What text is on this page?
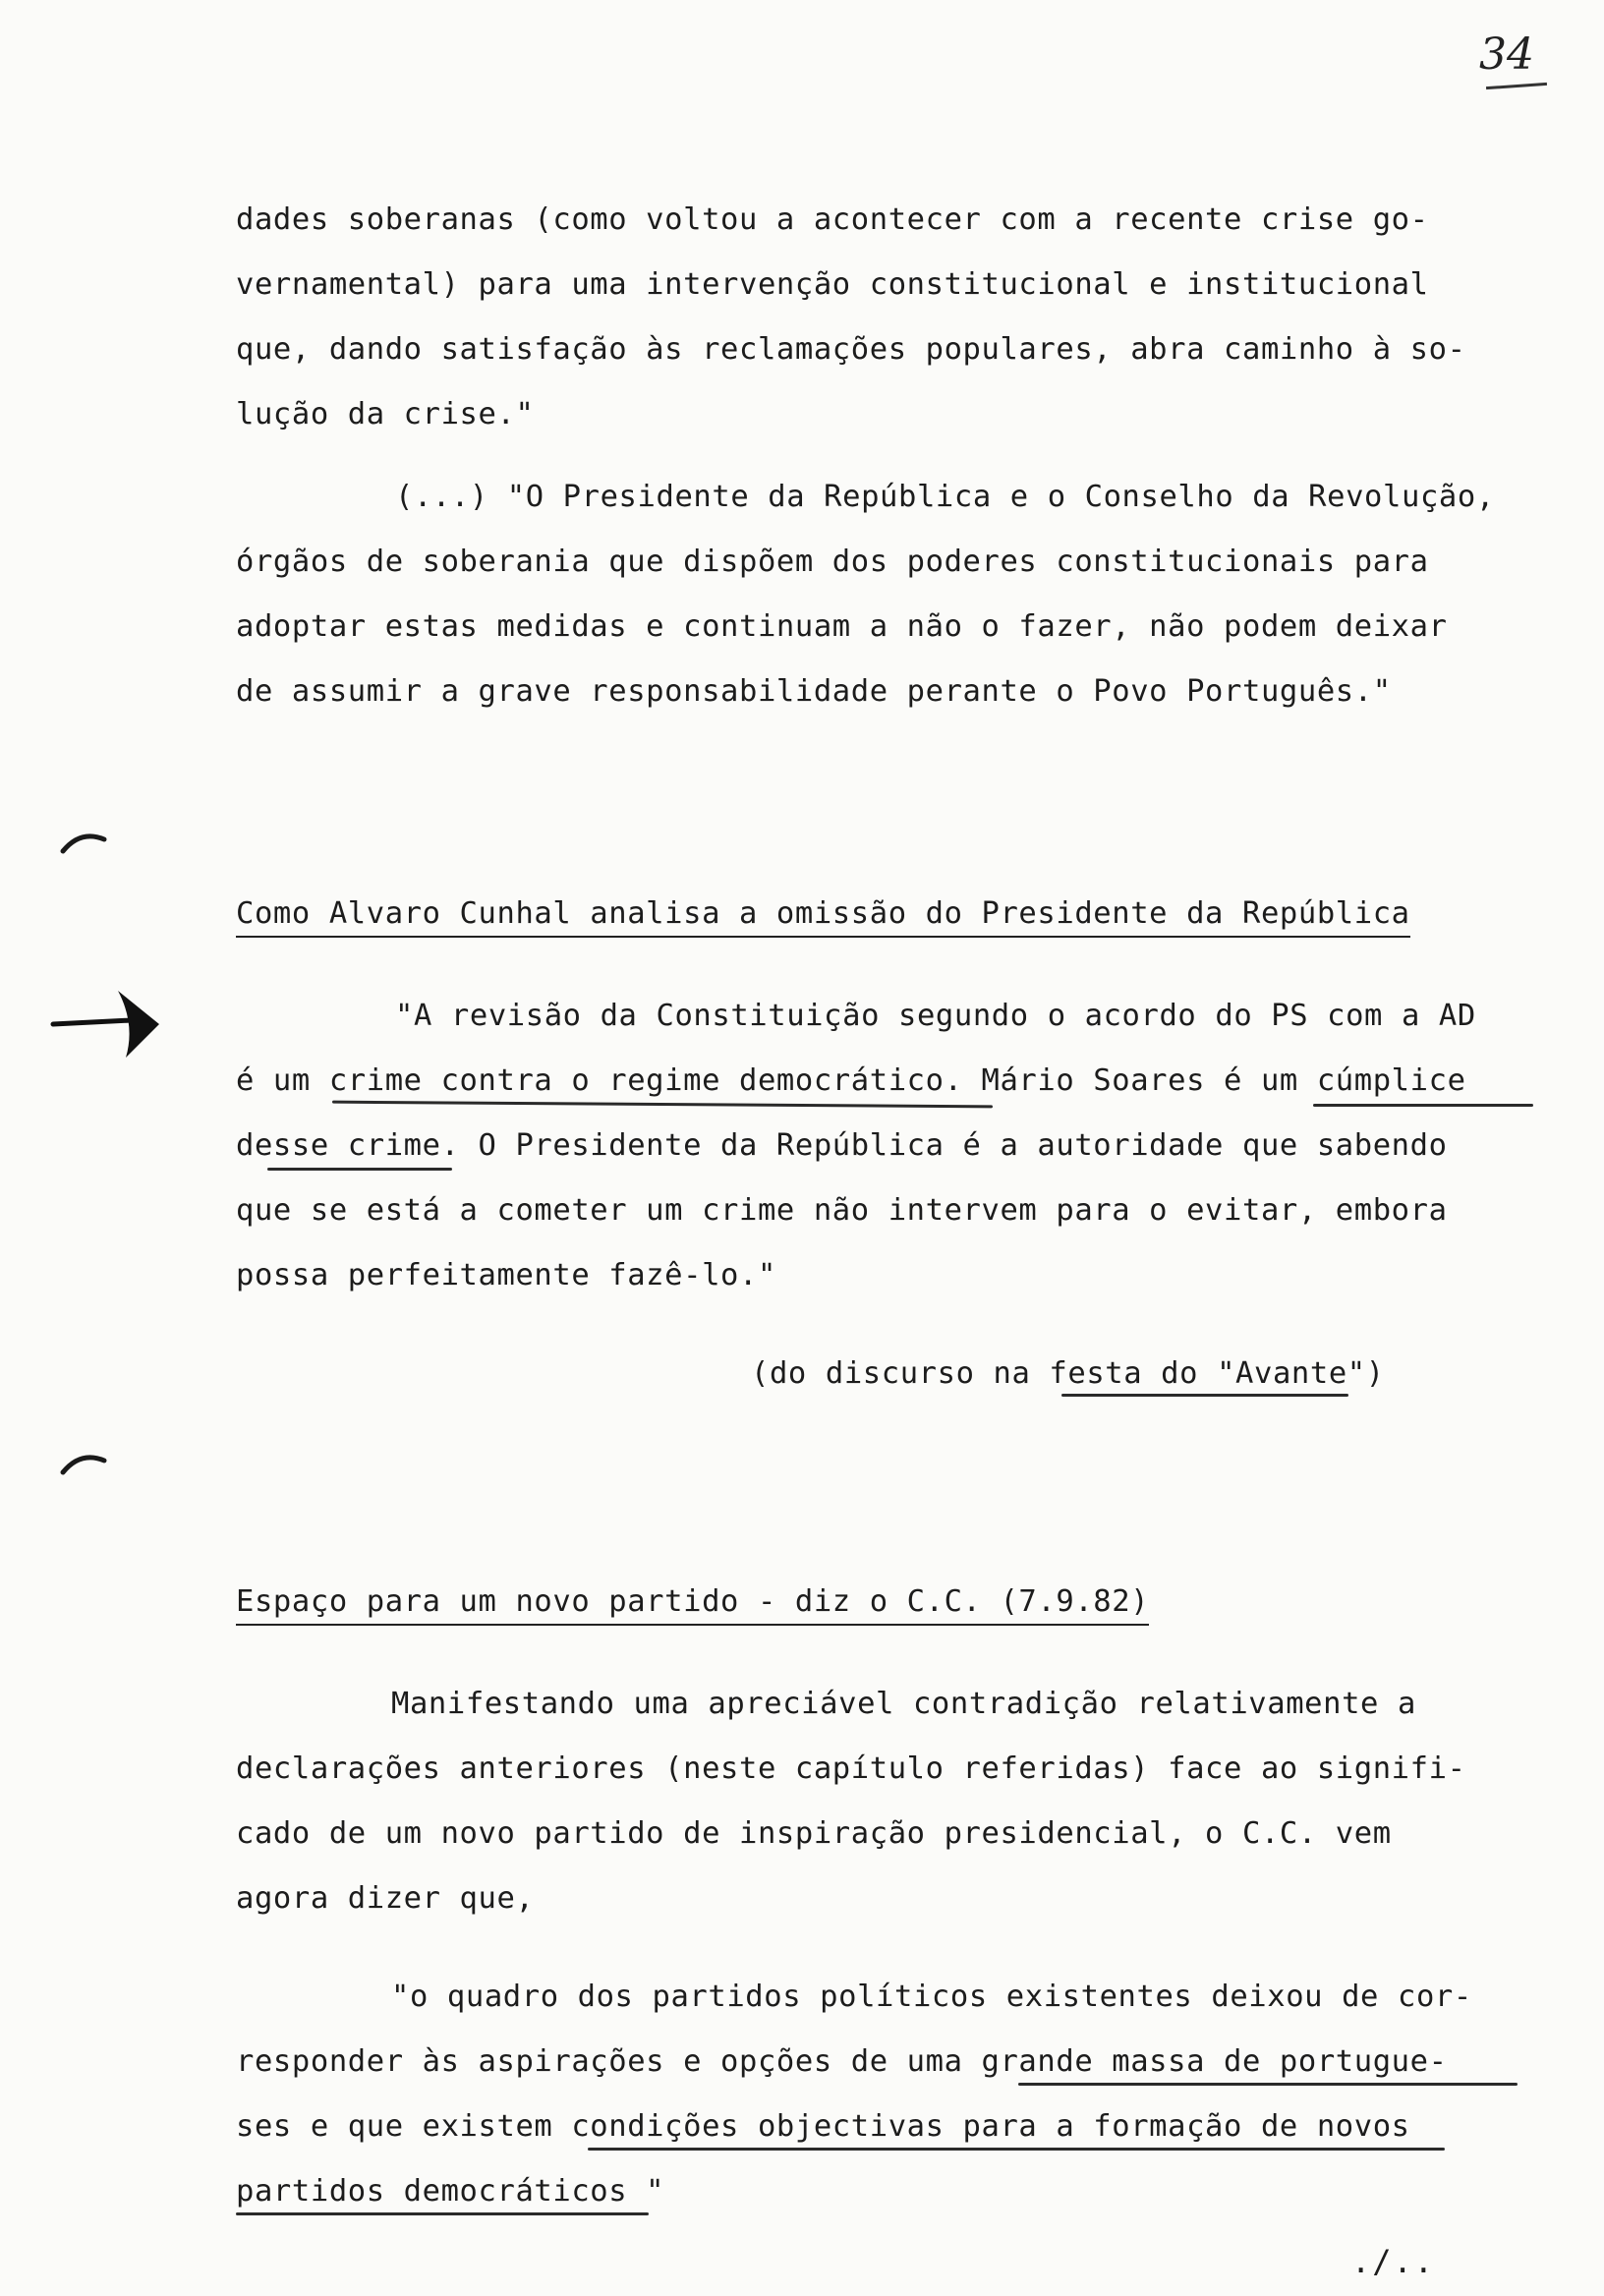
34
dades soberanas (como voltou a acontecer com a recente crise go-
vernamental) para uma intervenção constitucional e institucional
que, dando satisfação às reclamações populares, abra caminho à so-
lução da crise."
(...) "O Presidente da República e o Conselho da Revolução,
órgãos de soberania que dispõem dos poderes constitucionais para
adoptar estas medidas e continuam a não o fazer, não podem deixar
de assumir a grave responsabilidade perante o Povo Português."
Como Alvaro Cunhal analisa a omissão do Presidente da República
"A revisão da Constituição segundo o acordo do PS com a AD
é um crime contra o regime democrático. Mário Soares é um cúmplice
desse crime. O Presidente da República é a autoridade que sabendo
que se está a cometer um crime não intervem para o evitar, embora
possa perfeitamente fazê-lo."
(do discurso na festa do "Avante")
Espaço para um novo partido - diz o C.C. (7.9.82)
Manifestando uma apreciável contradição relativamente a
declarações anteriores (neste capítulo referidas) face ao signifi-
cado de um novo partido de inspiração presidencial, o C.C. vem
agora dizer que,
"o quadro dos partidos políticos existentes deixou de cor-
responder às aspirações e opções de uma grande massa de portugue-
ses e que existem condições objectivas para a formação de novos
partidos democráticos "
./..
